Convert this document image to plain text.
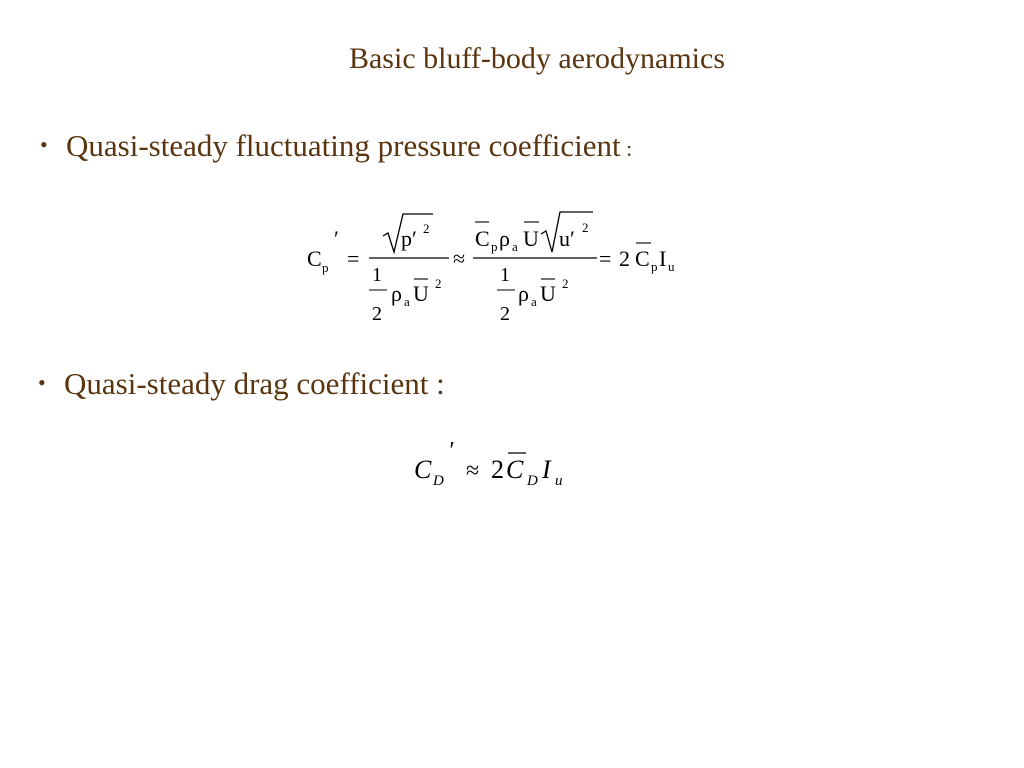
Basic bluff-body aerodynamics
• Quasi-steady fluctuating pressure coefficient :
C p
′
=
p′ 2
1
2
ρ a U 2
≈
C p ρ a U u′ 2
1
2
ρ a U 2
= 2 C p I u
• Quasi-steady drag coefficient :
C D
′
≈ 2 C D I u
